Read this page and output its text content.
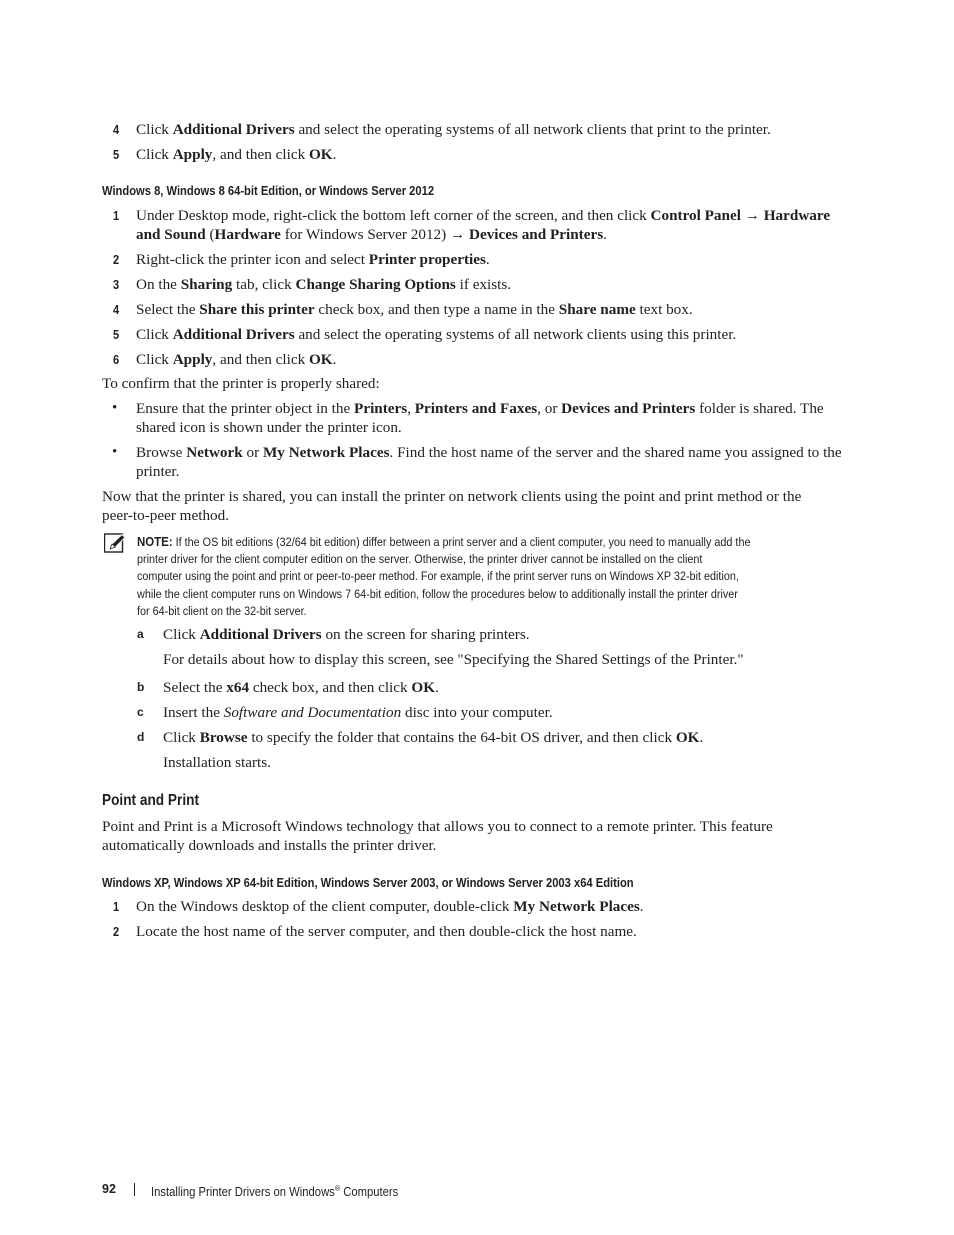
4	Click Additional Drivers and select the operating systems of all network clients that print to the printer.
5	Click Apply, and then click OK.
Windows 8, Windows 8 64-bit Edition, or Windows Server 2012
1	Under Desktop mode, right-click the bottom left corner of the screen, and then click Control Panel → Hardware
and Sound (Hardware for Windows Server 2012) → Devices and Printers.
2	Right-click the printer icon and select Printer properties.
3	On the Sharing tab, click Change Sharing Options if exists.
4	Select the Share this printer check box, and then type a name in the Share name text box.
5	Click Additional Drivers and select the operating systems of all network clients using this printer.
6	Click Apply, and then click OK.
To confirm that the printer is properly shared:
• Ensure that the printer object in the Printers, Printers and Faxes, or Devices and Printers folder is shared. The
shared icon is shown under the printer icon.
• Browse Network or My Network Places. Find the host name of the server and the shared name you assigned to the
printer.
Now that the printer is shared, you can install the printer on network clients using the point and print method or the
peer-to-peer method.
NOTE: If the OS bit editions (32/64 bit edition) differ between a print server and a client computer, you need to manually add the
printer driver for the client computer edition on the server. Otherwise, the printer driver cannot be installed on the client
computer using the point and print or peer-to-peer method. For example, if the print server runs on Windows XP 32-bit edition,
while the client computer runs on Windows 7 64-bit edition, follow the procedures below to additionally install the printer driver
for 64-bit client on the 32-bit server.
a Click Additional Drivers on the screen for sharing printers.
For details about how to display this screen, see "Specifying the Shared Settings of the Printer."
b Select the x64 check box, and then click OK.
c Insert the Software and Documentation disc into your computer.
d Click Browse to specify the folder that contains the 64-bit OS driver, and then click OK.
Installation starts.
Point and Print
Point and Print is a Microsoft Windows technology that allows you to connect to a remote printer. This feature
automatically downloads and installs the printer driver.
Windows XP, Windows XP 64-bit Edition, Windows Server 2003, or Windows Server 2003 x64 Edition
1	On the Windows desktop of the client computer, double-click My Network Places.
2	Locate the host name of the server computer, and then double-click the host name.
92	Installing Printer Drivers on Windows® Computers
